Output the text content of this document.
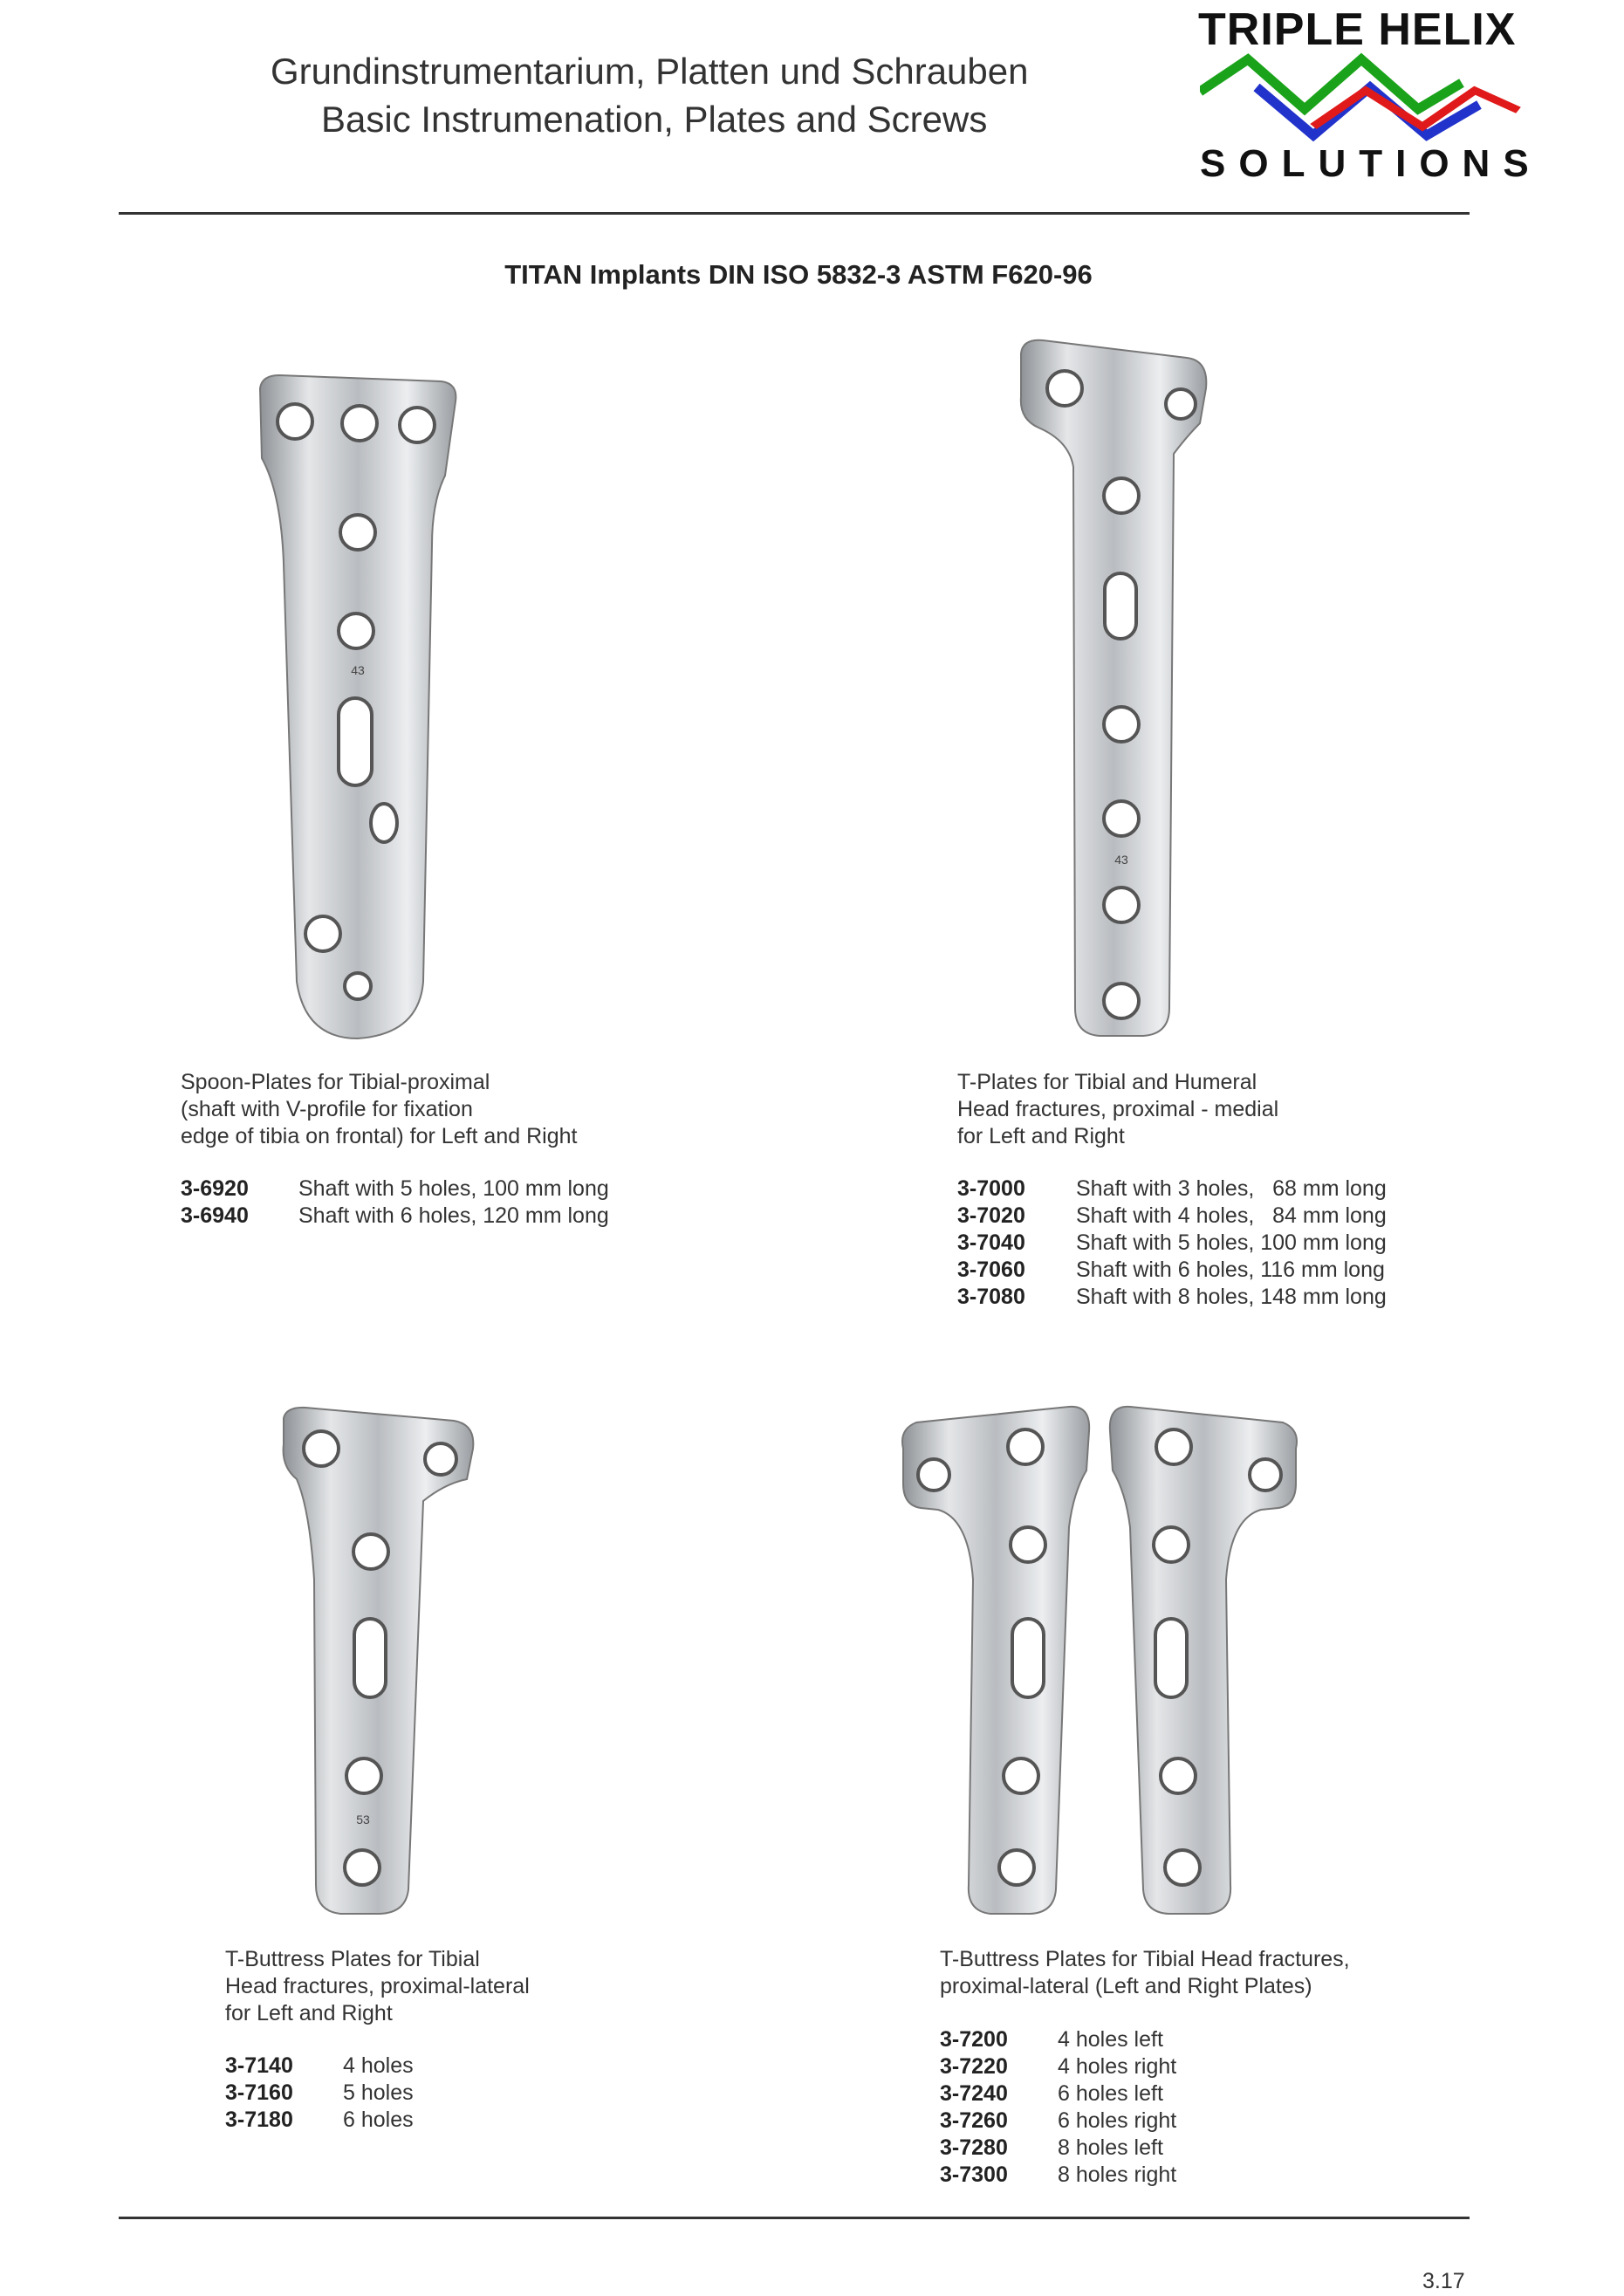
Grundinstrumentarium, Platten und Schrauben
Basic Instrumenation, Plates and Screws
TRIPLE HELIX
SOLUTIONS
TITAN Implants DIN ISO 5832-3 ASTM F620-96
43
43
53
Spoon-Plates for Tibial-proximal
(shaft with V-profile for fixation
edge of tibia on frontal) for Left and Right
3-6920 Shaft with 5 holes, 100 mm long
3-6940 Shaft with 6 holes, 120 mm long
T-Plates for Tibial and Humeral
Head fractures, proximal - medial
for Left and Right
3-7000 Shaft with 3 holes,   68 mm long
3-7020 Shaft with 4 holes,   84 mm long
3-7040 Shaft with 5 holes, 100 mm long
3-7060 Shaft with 6 holes, 116 mm long
3-7080 Shaft with 8 holes, 148 mm long
T-Buttress Plates for Tibial
Head fractures, proximal-lateral
for Left and Right
3-7140 4 holes
3-7160 5 holes
3-7180 6 holes
T-Buttress Plates for Tibial Head fractures,
proximal-lateral (Left and Right Plates)
3-7200 4 holes left
3-7220 4 holes right
3-7240 6 holes left
3-7260 6 holes right
3-7280 8 holes left
3-7300 8 holes right
3.17
